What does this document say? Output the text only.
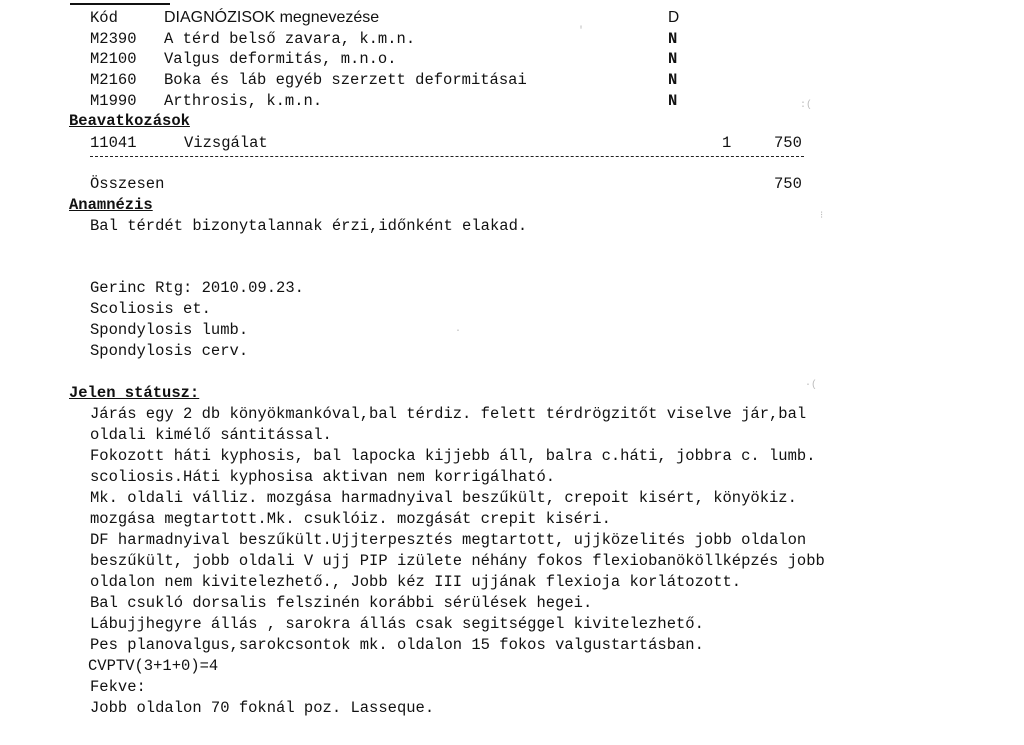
Kód	DIAGNÓZISOK megnevezése	D
M2390 A térd belső zavara, k.m.n.	N
M2100 Valgus deformitás, m.n.o.	N
M2160 Boka és láb egyéb szerzett deformitásai	N
M1990 Arthrosis, k.m.n.	N
Beavatkozások
11041	Vizsgálat	1	750
Összesen	750
Anamnézis
Bal térdét bizonytalannak érzi,időnként elakad.
Gerinc Rtg: 2010.09.23.
Scoliosis et.
Spondylosis lumb.
Spondylosis cerv.
Jelen státusz:
Járás egy 2 db könyökmankóval,bal térdiz. felett térdrögzitőt viselve jár,bal
oldali kimélő sántitással.
Fokozott háti kyphosis, bal lapocka kijjebb áll, balra c.háti, jobbra c. lumb.
scoliosis.Háti kyphosisa aktivan nem korrigálható.
Mk. oldali válliz. mozgása harmadnyival beszűkült, crepoit kisért, könyökiz.
mozgása megtartott.Mk. csuklóiz. mozgását crepit kiséri.
DF harmadnyival beszűkült.Ujjterpesztés megtartott, ujjközelités jobb oldalon
beszűkült, jobb oldali V ujj PIP izülete néhány fokos flexiobanököllképzés jobb
oldalon nem kivitelezhető., Jobb kéz III ujjának flexioja korlátozott.
Bal csukló dorsalis felszinén korábbi sérülések hegei.
Lábujjhegyre állás , sarokra állás csak segitséggel kivitelezhető.
Pes planovalgus,sarokcsontok mk. oldalon 15 fokos valgustartásban.
CVPTV(3+1+0)=4
Fekve:
Jobb oldalon 70 foknál poz. Lasseque.
'
:(
⁝
·(
·
